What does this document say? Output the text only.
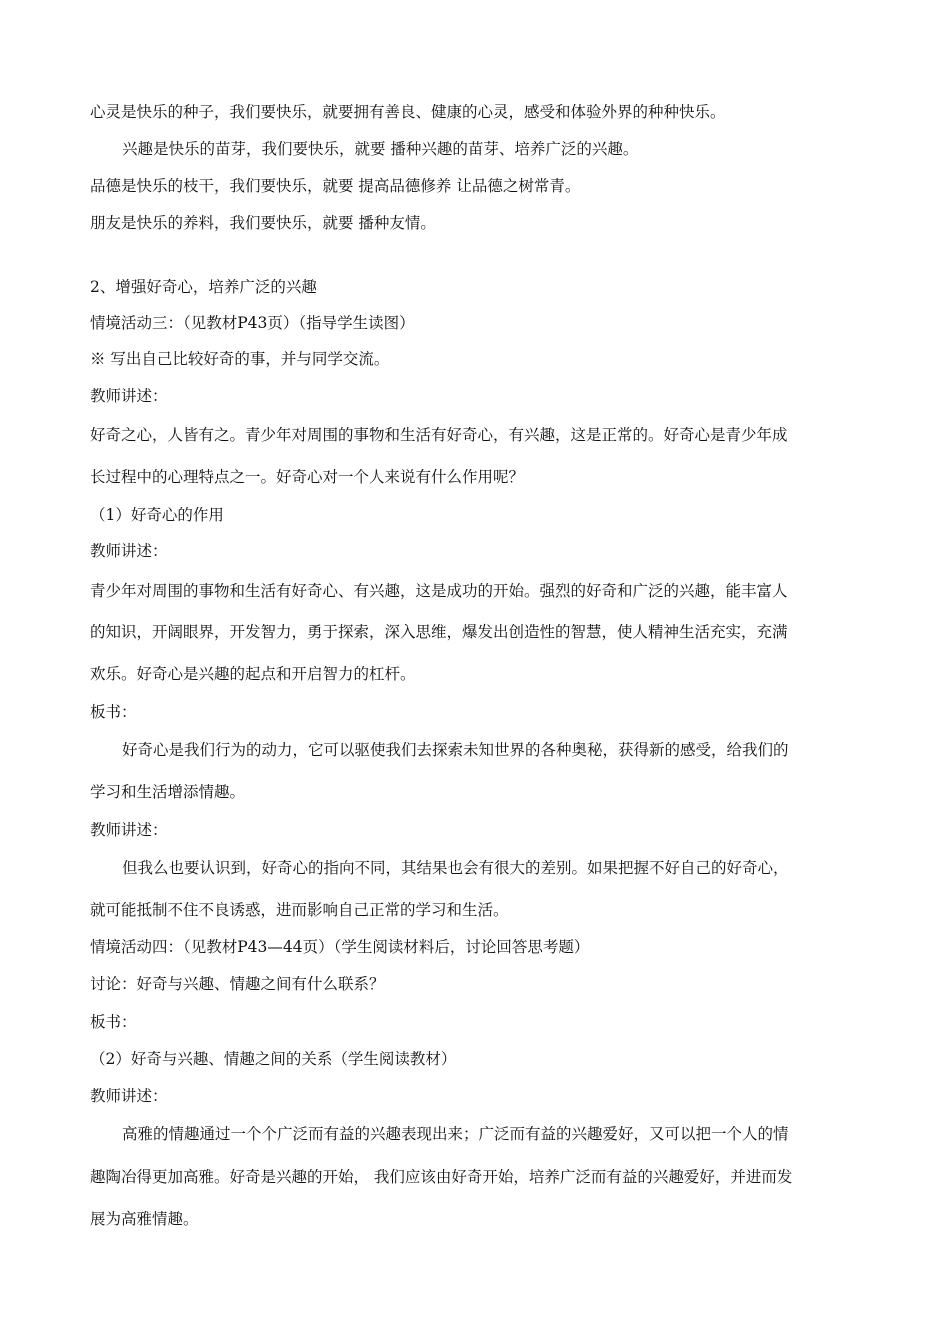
心灵是快乐的种子，我们要快乐，就要拥有善良、健康的心灵，感受和体验外界的种种快乐。
兴趣是快乐的苗芽，我们要快乐，就要 播种兴趣的苗芽、培养广泛的兴趣。
品德是快乐的枝干，我们要快乐，就要 提高品德修养 让品德之树常青。
朋友是快乐的养料，我们要快乐，就要 播种友情。
2、增强好奇心，培养广泛的兴趣
情境活动三：（见教材P43页）（指导学生读图）
※ 写出自己比较好奇的事，并与同学交流。
教师讲述：
好奇之心，人皆有之。青少年对周围的事物和生活有好奇心，有兴趣，这是正常的。好奇心是青少年成
长过程中的心理特点之一。好奇心对一个人来说有什么作用呢？
（1）好奇心的作用
教师讲述：
青少年对周围的事物和生活有好奇心、有兴趣，这是成功的开始。强烈的好奇和广泛的兴趣，能丰富人
的知识，开阔眼界，开发智力，勇于探索，深入思维，爆发出创造性的智慧，使人精神生活充实，充满
欢乐。好奇心是兴趣的起点和开启智力的杠杆。
板书：
好奇心是我们行为的动力，它可以驱使我们去探索未知世界的各种奥秘，获得新的感受，给我们的
学习和生活增添情趣。
教师讲述：
但我么也要认识到，好奇心的指向不同，其结果也会有很大的差别。如果把握不好自己的好奇心，
就可能抵制不住不良诱惑，进而影响自己正常的学习和生活。
情境活动四：（见教材P43—44页）（学生阅读材料后，讨论回答思考题）
讨论：好奇与兴趣、情趣之间有什么联系？
板书：
（2）好奇与兴趣、情趣之间的关系（学生阅读教材）
教师讲述：
高雅的情趣通过一个个广泛而有益的兴趣表现出来；广泛而有益的兴趣爱好，又可以把一个人的情
趣陶冶得更加高雅。好奇是兴趣的开始， 我们应该由好奇开始，培养广泛而有益的兴趣爱好，并进而发
展为高雅情趣。
